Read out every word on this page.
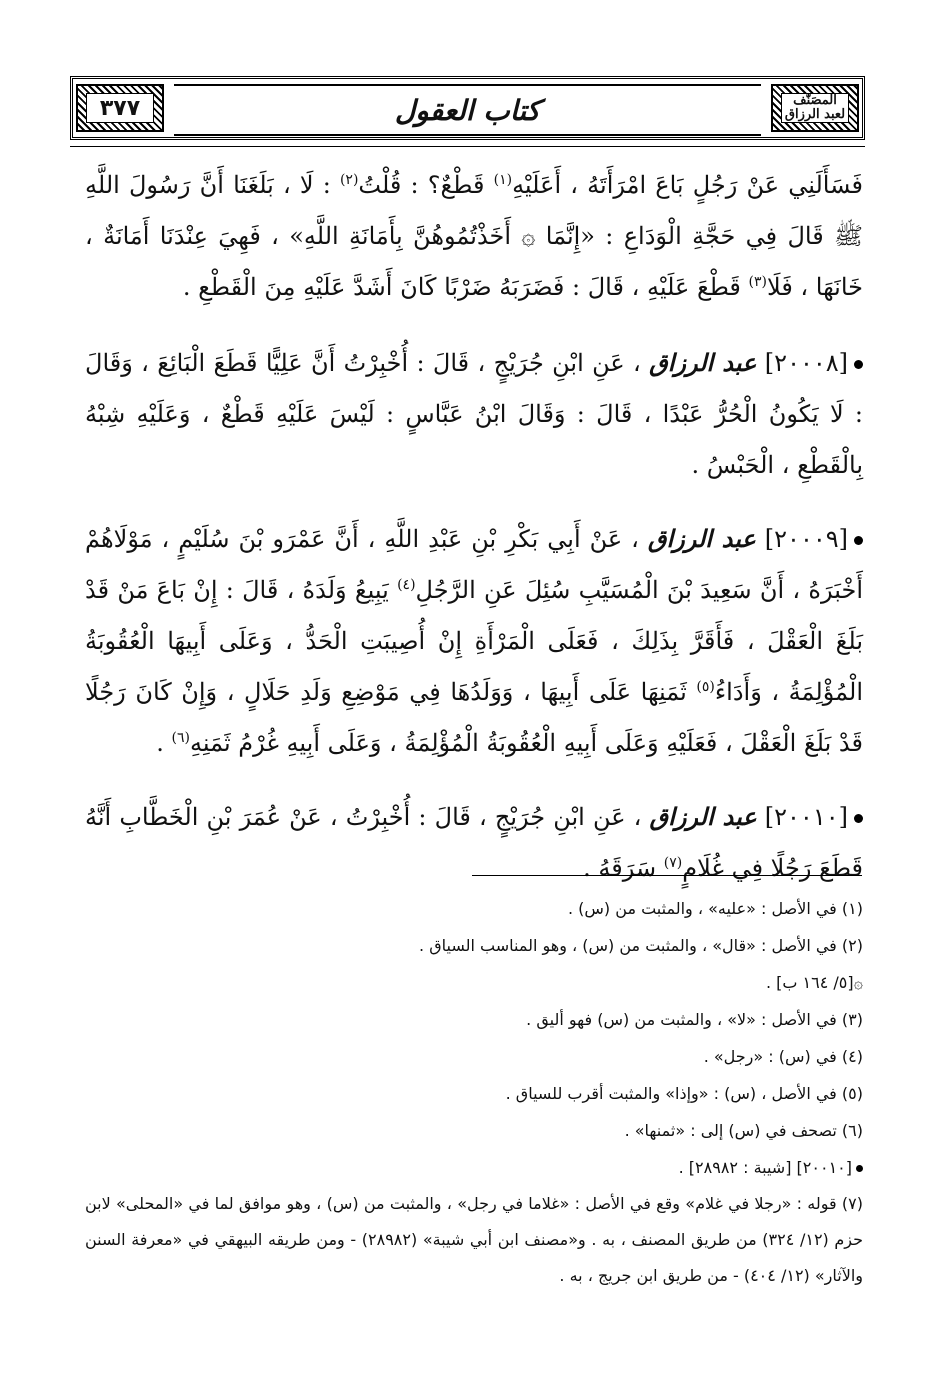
٣٧٧	كتاب العقول	المصَنّف
لعبد الرزاق

فَسَأَلَنِي عَنْ رَجُلٍ بَاعَ امْرَأَتَهُ ، أَعَلَيْهِ$^{(١)}$ قَطْعٌ؟ : قُلْتُ$^{(٢)}$ : لَا ، بَلَغَنَا أَنَّ رَسُولَ اللَّهِ ﷺ قَالَ فِي حَجَّةِ الْوَدَاعِ : «إِنَّمَا ۞ أَخَذْتُمُوهُنَّ بِأَمَانَةِ اللَّهِ» ، فَهِيَ عِنْدَنَا أَمَانَةٌ ، خَانَهَا ، فَلَا$^{(٣)}$ قَطْعَ عَلَيْهِ ، قَالَ : فَضَرَبَهُ ضَرْبًا كَانَ أَشَدَّ عَلَيْهِ مِنَ الْقَطْعِ .

[٢٠٠٠٨] عبد الرزاق ، عَنِ ابْنِ جُرَيْجٍ ، قَالَ : أُخْبِرْتُ أَنَّ عَلِيًّا قَطَعَ الْبَائِعَ ، وَقَالَ : لَا يَكُونُ الْحُرُّ عَبْدًا ، قَالَ : وَقَالَ ابْنُ عَبَّاسٍ : لَيْسَ عَلَيْهِ قَطْعٌ ، وَعَلَيْهِ شِبْهُ بِالْقَطْعِ ، الْحَبْسُ .

[٢٠٠٠٩] عبد الرزاق ، عَنْ أَبِي بَكْرِ بْنِ عَبْدِ اللَّهِ ، أَنَّ عَمْرَو بْنَ سُلَيْمٍ ، مَوْلَاهُمْ أَخْبَرَهُ ، أَنَّ سَعِيدَ بْنَ الْمُسَيَّبِ سُئِلَ عَنِ الرَّجُلِ$^{(٤)}$ يَبِيعُ وَلَدَهُ ، قَالَ : إِنْ بَاعَ مَنْ قَدْ بَلَغَ الْعَقْلَ ، فَأَقَرَّ بِذَلِكَ ، فَعَلَى الْمَرْأَةِ إِنْ أُصِيبَتِ الْحَدُّ ، وَعَلَى أَبِيهَا الْعُقُوبَةُ الْمُؤْلِمَةُ ، وَأَدَاءُ$^{(٥)}$ ثَمَنِهَا عَلَى أَبِيهَا ، وَوَلَدُهَا فِي مَوْضِعِ وَلَدِ حَلَالٍ ، وَإِنْ كَانَ رَجُلًا قَدْ بَلَغَ الْعَقْلَ ، فَعَلَيْهِ وَعَلَى أَبِيهِ الْعُقُوبَةُ الْمُؤْلِمَةُ ، وَعَلَى أَبِيهِ غُرْمُ ثَمَنِهِ$^{(٦)}$ .

[٢٠٠١٠] عبد الرزاق ، عَنِ ابْنِ جُرَيْجٍ ، قَالَ : أُخْبِرْتُ ، عَنْ عُمَرَ بْنِ الْخَطَّابِ أَنَّهُ قَطَعَ رَجُلًا فِي غُلَامٍ$^{(٧)}$ سَرَقَهُ .

(١) في الأصل : «عليه» ، والمثبت من (س) .
(٢) في الأصل : «قال» ، والمثبت من (س) ، وهو المناسب السياق .
۞[٥/ ١٦٤ ب] .
(٣) في الأصل : «لا» ، والمثبت من (س) فهو أليق .
(٤) في (س) : «رجل» .
(٥) في الأصل ، (س) : «وإذا» والمثبت أقرب للسياق .
(٦) تصحف في (س) إلى : «ثمنها» .
[٢٠٠١٠] [شيبة : ٢٨٩٨٢] .
(٧) قوله : «رجلا في غلام» وقع في الأصل : «غلاما في رجل» ، والمثبت من (س) ، وهو موافق لما في «المحلى» لابن حزم (١٢/ ٣٢٤) من طريق المصنف ، به . و«مصنف ابن أبي شيبة» (٢٨٩٨٢) - ومن طريقه البيهقي في «معرفة السنن والآثار» (١٢/ ٤٠٤) - من طريق ابن جريج ، به .
